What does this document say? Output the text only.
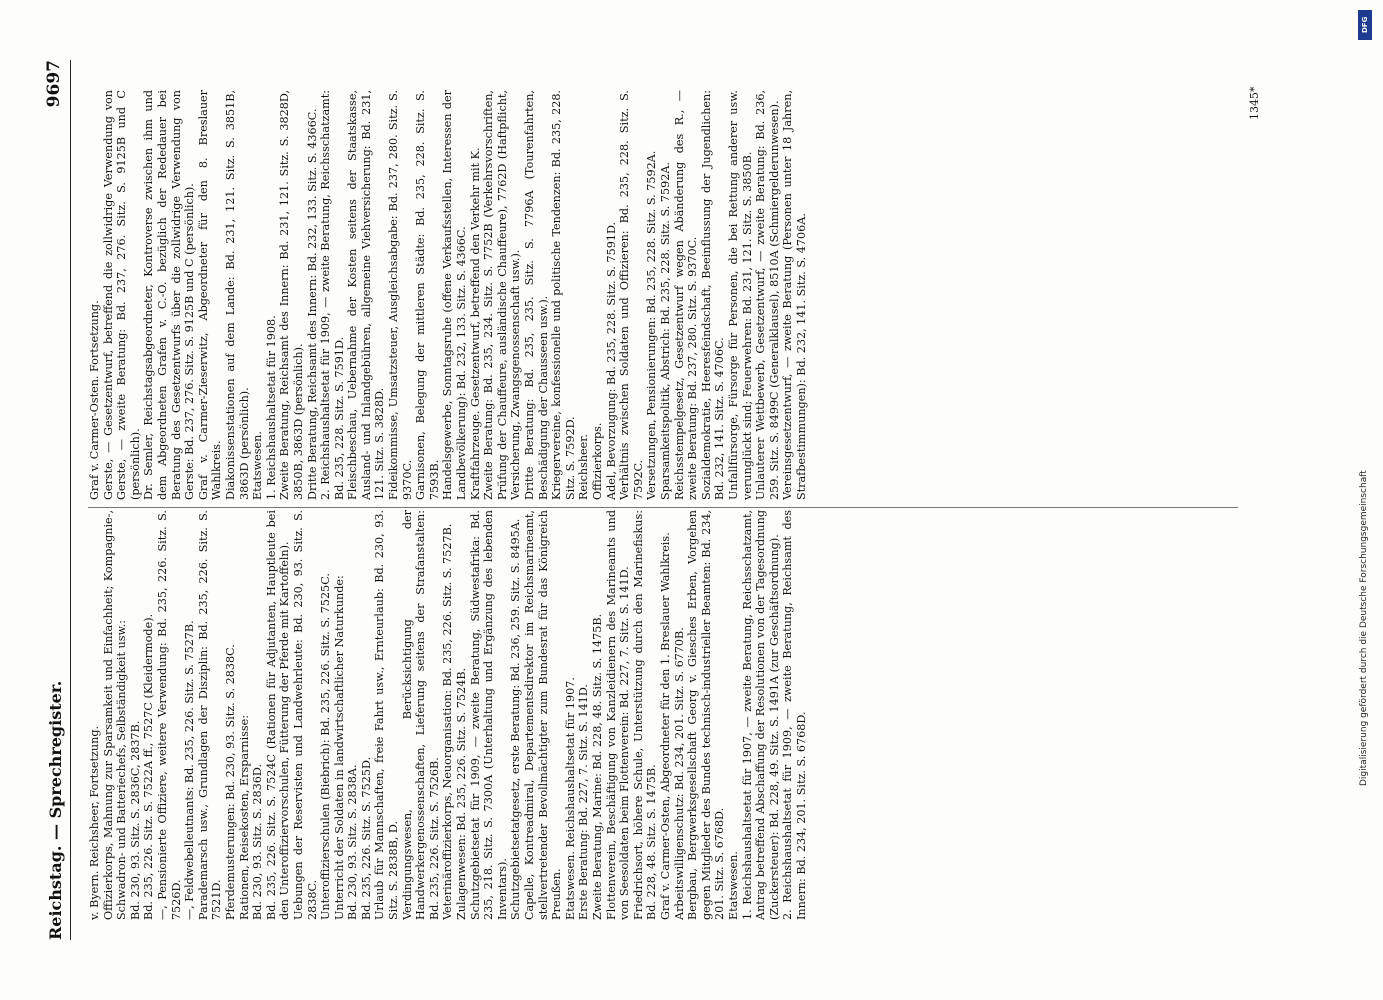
Reichstag. — Sprechregister.
9697

v. Byern. Reichsheer, Fortsetzung. Offizierkorps, Mahnung zur Sparsamkeit und Einfachheit; Kompagnie-, Schwadron- und Batteriechefs, Selbständigkeit usw.: Bd. 230, 93. Sitz. S. 2836C, 2837B. Bd. 235, 226. Sitz. S. 7522A ff., 7527C (Kleidermode). —, Pensionierte Offiziere, weitere Verwendung: Bd. 235, 226. Sitz. S. 7526D. —, Feldwebelleutnants: Bd. 235, 226. Sitz. S. 7527B. Parademarsch usw., Grundlagen der Disziplin: Bd. 235, 226. Sitz. S. 7521D. Pferdemusterungen: Bd. 230, 93. Sitz. S. 2838C. Rationen, Reisekosten, Ersparnisse: Bd. 230, 93. Sitz. S. 2836D. Bd. 235, 226. Sitz. S. 7524C (Rationen für Adjutanten, Hauptleute bei den Unteroffiziervorschulen, Fütterung der Pferde mit Kartoffeln). Uebungen der Reservisten und Landwehrleute: Bd. 230, 93. Sitz. S. 2838C. Unteroffizierschulen (Biebrich): Bd. 235, 226. Sitz. S. 7525C. Unterricht der Soldaten in landwirtschaftlicher Naturkunde: Bd. 230, 93. Sitz. S. 2838A. Bd. 235, 226. Sitz. S. 7525D. Urlaub für Mannschaften, freie Fahrt usw., Ernteurlaub: Bd. 230, 93. Sitz. S. 2838B, D. Verdingungswesen, Berücksichtigung der Handwerkergenossenschaften, Lieferung seitens der Strafanstalten: Bd. 235, 226. Sitz. S. 7526B. Veterinäroffizierkorps, Neuorganisation: Bd. 235, 226. Sitz. S. 7527B. Zulagenwesen: Bd. 235, 226. Sitz. S. 7524B. Schutzgebietsetat für 1909, — zweite Beratung, Südwestafrika: Bd. 235, 218. Sitz. S. 7300A (Unterhaltung und Ergänzung des lebenden Inventars). Schutzgebietsetatgesetz, erste Beratung: Bd. 236, 259. Sitz. S. 8495A. Capelle, Kontreadmiral, Departementsdirektor im Reichsmarineamt, stellvertretender Bevollmächtigter zum Bundesrat für das Königreich Preußen. Etatswesen. Reichshaushaltsetat für 1907. Erste Beratung: Bd. 227, 7. Sitz. S. 141D. Zweite Beratung, Marine: Bd. 228, 48. Sitz. S. 1475B. Flottenverein, Beschäftigung von Kanzleidienern des Marineamts und von Seesoldaten beim Flottenverein: Bd. 227, 7. Sitz. S. 141D. Friedrichsort, höhere Schule, Unterstützung durch den Marinefiskus: Bd. 228, 48. Sitz. S. 1475B. Graf v. Carmer-Osten, Abgeordneter für den 1. Breslauer Wahlkreis. Arbeitswilligenschutz: Bd. 234, 201. Sitz. S. 6770B. Bergbau, Bergwerksgesellschaft Georg v. Giesches Erben, Vorgehen gegen Mitglieder des Bundes technisch-industrieller Beamten: Bd. 234, 201. Sitz. S. 6768D. Etatswesen. 1. Reichshaushaltsetat für 1907, — zweite Beratung, Reichsschatzamt, Antrag betreffend Abschaffung der Resolutionen von der Tagesordnung (Zuckersteuer): Bd. 228, 49. Sitz. S. 1491A (zur Geschäftsordnung). 2. Reichshaushaltsetat für 1909, — zweite Beratung, Reichsamt des Innern: Bd. 234, 201. Sitz. S. 6768D.

Graf v. Carmer-Osten. Fortsetzung. Gerste, — Gesetzentwurf, betreffend die zollwidrige Verwendung von Gerste, — zweite Beratung: Bd. 237, 276. Sitz. S. 9125B und C (persönlich). Dr. Semler, Reichstagsabgeordneter, Kontroverse zwischen ihm und dem Abgeordneten Grafen v. C.-O. bezüglich der Rededauer bei Beratung des Gesetzentwurfs über die zollwidrige Verwendung von Gerste: Bd. 237, 276. Sitz. S. 9125B und C (persönlich). Graf v. Carmer-Zieserwitz, Abgeordneter für den 8. Breslauer Wahlkreis. Diakonissenstationen auf dem Lande: Bd. 231, 121. Sitz. S. 3851B, 3863D (persönlich). Etatswesen. 1. Reichshaushaltsetat für 1908. Zweite Beratung, Reichsamt des Innern: Bd. 231, 121. Sitz. S. 3828D, 3850B, 3863D (persönlich). Dritte Beratung, Reichsamt des Innern: Bd. 232, 133. Sitz. S. 4366C. 2. Reichshaushaltsetat für 1909, — zweite Beratung, Reichsschatzamt: Bd. 235, 228. Sitz. S. 7591D. Fleischbeschau, Uebernahme der Kosten seitens der Staatskasse, Ausland- und Inlandgebühren, allgemeine Viehversicherung: Bd. 231, 121. Sitz. S. 3828D. Fideikommisse, Umsatzsteuer, Ausgleichsabgabe: Bd. 237, 280. Sitz. S. 9370C. Garnisonen, Belegung der mittleren Städte: Bd. 235, 228. Sitz. S. 7593B. Handelsgewerbe, Sonntagsruhe (offene Verkaufsstellen, Interessen der Landbevölkerung): Bd. 232, 133. Sitz. S. 4366C. Kraftfahrzeuge. Gesetzentwurf, betreffend den Verkehr mit K. Zweite Beratung: Bd. 235, 234. Sitz. S. 7752B (Verkehrsvorschriften, Prüfung der Chauffeure, ausländische Chauffeure), 7762D (Haftpflicht, Versicherung, Zwangsgenossenschaft usw.). Dritte Beratung: Bd. 235, 235. Sitz. S. 7796A (Tourenfahrten, Beschädigung der Chausseen usw.). Kriegervereine, konfessionelle und politische Tendenzen: Bd. 235, 228. Sitz. S. 7592D. Reichsheer. Offizierkorps. Adel, Bevorzugung: Bd. 235, 228. Sitz. S. 7591D. Verhältnis zwischen Soldaten und Offizieren: Bd. 235, 228. Sitz. S. 7592C. Versetzungen, Pensionierungen: Bd. 235, 228. Sitz. S. 7592A. Sparsamkeitspolitik, Abstrich: Bd. 235, 228. Sitz. S. 7592A. Reichsstempelgesetz, Gesetzentwurf wegen Abänderung des R., — zweite Beratung: Bd. 237, 280. Sitz. S. 9370C. Sozialdemokratie, Heeresfeindschaft, Beeinflussung der Jugendlichen: Bd. 232, 141. Sitz. S. 4706C. Unfallfürsorge, Fürsorge für Personen, die bei Rettung anderer usw. verunglückt sind; Feuerwehren: Bd. 231, 121. Sitz. S. 3850B. Unlauterer Wettbewerb, Gesetzentwurf, — zweite Beratung: Bd. 236, 259. Sitz. S. 8499C (Generalklausel), 8510A (Schmiergelderunwesen). Vereinsgesetzentwurf, — zweite Beratung (Personen unter 18 Jahren, Strafbestimmungen): Bd. 232, 141. Sitz. S. 4706A.

1345*
DFG
Digitalisierung gefördert durch die Deutsche Forschungsgemeinschaft
